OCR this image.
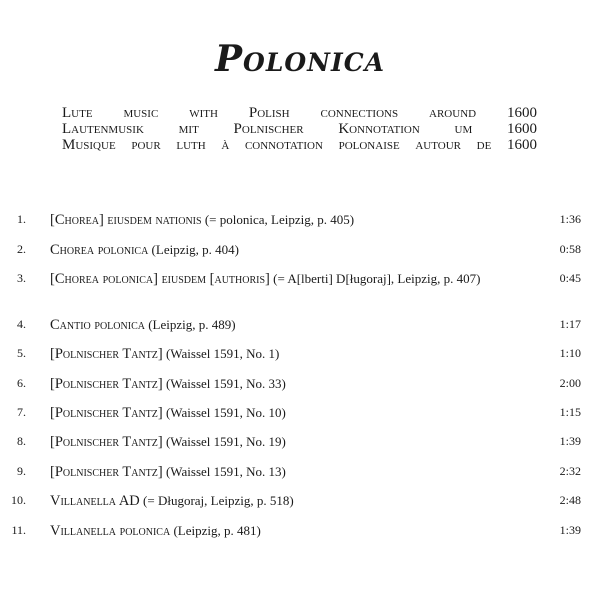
Polonica
Lute music with Polish connections around 1600
Lautenmusik mit Polnischer Konnotation um 1600
Musique pour luth à connotation polonaise autour de 1600
1. [Chorea] eiusdem nationis (= polonica, Leipzig, p. 405)	1:36
2. Chorea polonica (Leipzig, p. 404)	0:58
3. [Chorea polonica] eiusdem [authoris] (= A[lberti] D[ługoraj], Leipzig, p. 407)	0:45
4. Cantio polonica (Leipzig, p. 489)	1:17
5. [Polnischer Tantz] (Waissel 1591, No. 1)	1:10
6. [Polnischer Tantz] (Waissel 1591, No. 33)	2:00
7. [Polnischer Tantz] (Waissel 1591, No. 10)	1:15
8. [Polnischer Tantz] (Waissel 1591, No. 19)	1:39
9. [Polnischer Tantz] (Waissel 1591, No. 13)	2:32
10. Villanella AD (= Długoraj, Leipzig, p. 518)	2:48
11. Villanella polonica (Leipzig, p. 481)	1:39
